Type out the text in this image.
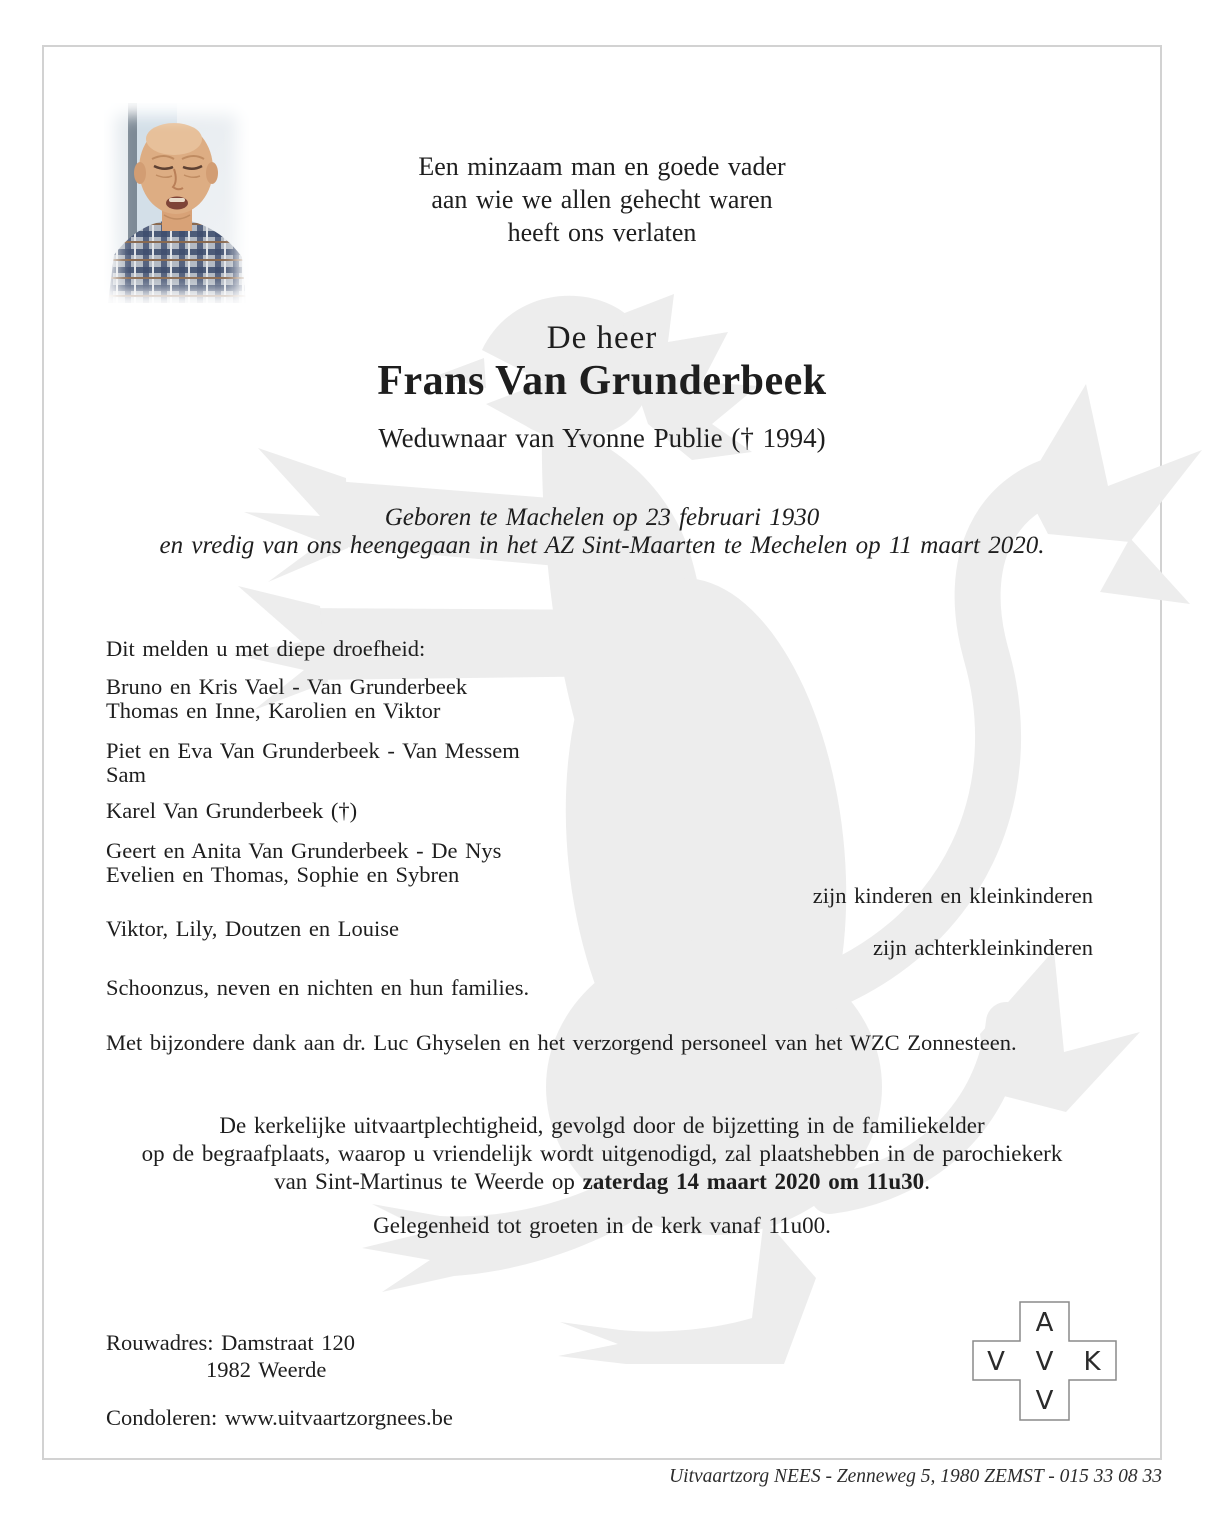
Een minzaam man en goede vader
aan wie we allen gehecht waren
heeft ons verlaten
De heer
Frans Van Grunderbeek
Weduwnaar van Yvonne Publie († 1994)
Geboren te Machelen op 23 februari 1930
en vredig van ons heengegaan in het AZ Sint-Maarten te Mechelen op 11 maart 2020.
Dit melden u met diepe droefheid:
Bruno en Kris Vael - Van Grunderbeek
Thomas en Inne, Karolien en Viktor
Piet en Eva Van Grunderbeek - Van Messem
Sam
Karel Van Grunderbeek (†)
Geert en Anita Van Grunderbeek - De Nys
Evelien en Thomas, Sophie en Sybren
zijn kinderen en kleinkinderen
Viktor, Lily, Doutzen en Louise
zijn achterkleinkinderen
Schoonzus, neven en nichten en hun families.
Met bijzondere dank aan dr. Luc Ghyselen en het verzorgend personeel van het WZC Zonnesteen.
De kerkelijke uitvaartplechtigheid, gevolgd door de bijzetting in de familiekelder
op de begraafplaats, waarop u vriendelijk wordt uitgenodigd, zal plaatshebben in de parochiekerk
van Sint-Martinus te Weerde op zaterdag 14 maart 2020 om 11u30.
Gelegenheid tot groeten in de kerk vanaf 11u00.
Rouwadres: Damstraat 120
1982 Weerde
Condoleren: www.uitvaartzorgnees.be
A
V V K
V
Uitvaartzorg NEES - Zenneweg 5, 1980 ZEMST - 015 33 08 33
